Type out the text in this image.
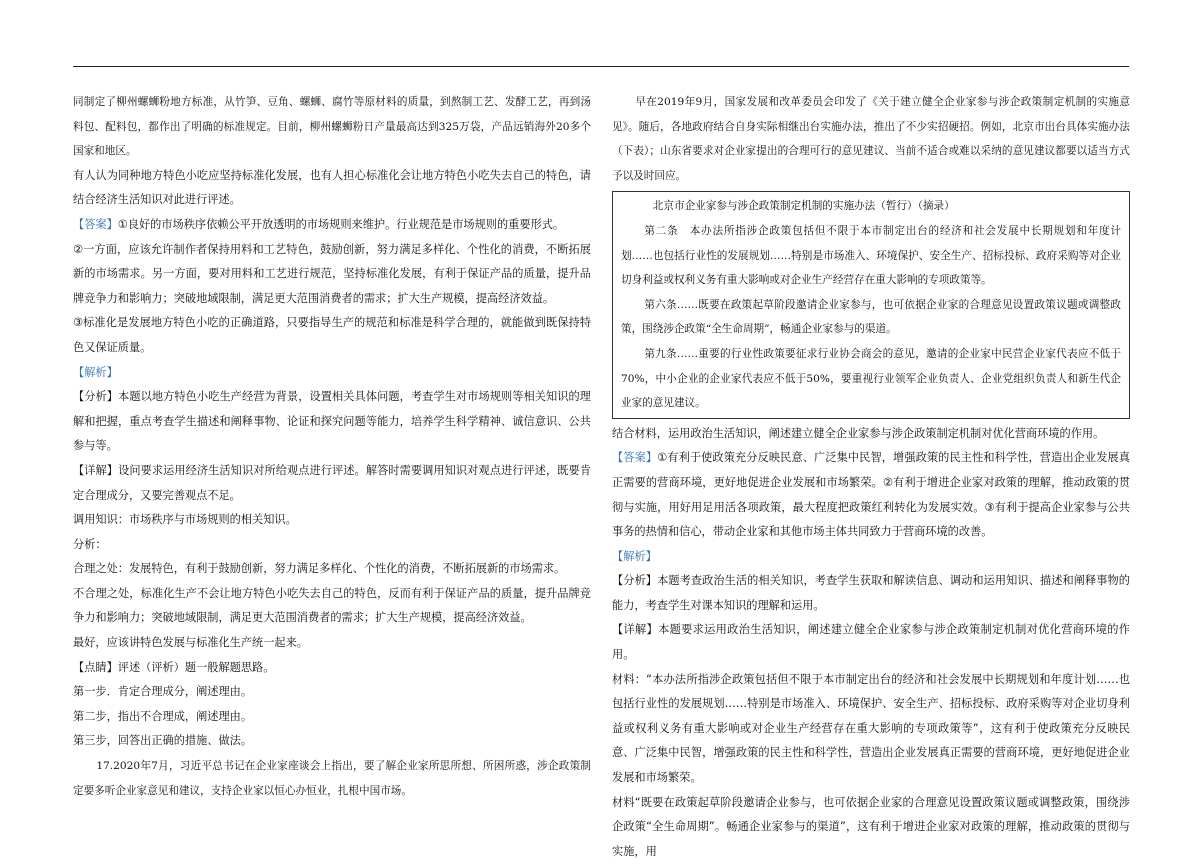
同制定了柳州螺蛳粉地方标准，从竹笋、豆角、螺蛳、腐竹等原材料的质量，到熬制工艺、发酵工艺，再到汤料包、配料包，都作出了明确的标准规定。目前，柳州螺蛳粉日产量最高达到325万袋，产品远销海外20多个国家和地区。

有人认为同种地方特色小吃应坚持标准化发展，也有人担心标准化会让地方特色小吃失去自己的特色，请结合经济生活知识对此进行评述。

【答案】①良好的市场秩序依赖公平开放透明的市场规则来维护。行业规范是市场规则的重要形式。

②一方面，应该允许制作者保持用料和工艺特色，鼓励创新，努力满足多样化、个性化的消费，不断拓展新的市场需求。另一方面，要对用料和工艺进行规范，坚持标准化发展，有利于保证产品的质量，提升品牌竞争力和影响力；突破地域限制，满足更大范围消费者的需求；扩大生产规模，提高经济效益。

③标准化是发展地方特色小吃的正确道路，只要指导生产的规范和标准是科学合理的，就能做到既保持特色又保证质量。

【解析】

【分析】本题以地方特色小吃生产经营为背景，设置相关具体问题，考查学生对市场规则等相关知识的理解和把握，重点考查学生描述和阐释事物、论证和探究问题等能力，培养学生科学精神、诚信意识、公共参与等。

【详解】设问要求运用经济生活知识对所给观点进行评述。解答时需要调用知识对观点进行评述，既要肯定合理成分，又要完善观点不足。

调用知识：市场秩序与市场规则的相关知识。

分析：

合理之处：发展特色，有利于鼓励创新，努力满足多样化、个性化的消费，不断拓展新的市场需求。

不合理之处，标准化生产不会让地方特色小吃失去自己的特色，反而有利于保证产品的质量，提升品牌竞争力和影响力；突破地域限制，满足更大范围消费者的需求；扩大生产规模，提高经济效益。

最好，应该讲特色发展与标准化生产统一起来。

【点睛】评述（评析）题一般解题思路。

第一步．肯定合理成分，阐述理由。

第二步，指出不合理成，阐述理由。

第三步，回答出正确的措施、做法。

17.2020年7月，习近平总书记在企业家座谈会上指出，要了解企业家所思所想、所困所惑，涉企政策制定要多听企业家意见和建议，支持企业家以恒心办恒业，扎根中国市场。

早在2019年9月，国家发展和改革委员会印发了《关于建立健全企业家参与涉企政策制定机制的实施意见》。随后，各地政府结合自身实际相继出台实施办法，推出了不少实招硬招。例如，北京市出台具体实施办法（下表）；山东省要求对企业家提出的合理可行的意见建议、当前不适合或难以采纳的意见建议都要以适当方式予以及时回应。

北京市企业家参与涉企政策制定机制的实施办法（暂行）（摘录）

第二条　本办法所指涉企政策包括但不限于本市制定出台的经济和社会发展中长期规划和年度计划……也包括行业性的发展规划……特别是市场准入、环境保护、安全生产、招标投标、政府采购等对企业切身利益或权利义务有重大影响或对企业生产经营存在重大影响的专项政策等。

第六条……既要在政策起草阶段邀请企业家参与，也可依据企业家的合理意见设置政策议题或调整政策，围绕涉企政策“全生命周期”，畅通企业家参与的渠道。

第九条……重要的行业性政策要征求行业协会商会的意见，邀请的企业家中民营企业家代表应不低于70%，中小企业的企业家代表应不低于50%，要重视行业领军企业负责人、企业党组织负责人和新生代企业家的意见建议。

结合材料，运用政治生活知识，阐述建立健全企业家参与涉企政策制定机制对优化营商环境的作用。

【答案】①有利于使政策充分反映民意、广泛集中民智，增强政策的民主性和科学性，营造出企业发展真正需要的营商环境，更好地促进企业发展和市场繁荣。②有利于增进企业家对政策的理解，推动政策的贯彻与实施，用好用足用活各项政策，最大程度把政策红利转化为发展实效。③有利于提高企业家参与公共事务的热情和信心，带动企业家和其他市场主体共同致力于营商环境的改善。

【解析】

【分析】本题考查政治生活的相关知识，考查学生获取和解读信息、调动和运用知识、描述和阐释事物的能力，考查学生对课本知识的理解和运用。

【详解】本题要求运用政治生活知识，阐述建立健全企业家参与涉企政策制定机制对优化营商环境的作用。

材料：“本办法所指涉企政策包括但不限于本市制定出台的经济和社会发展中长期规划和年度计划……也包括行业性的发展规划……特别是市场准入、环境保护、安全生产、招标投标、政府采购等对企业切身利益或权利义务有重大影响或对企业生产经营存在重大影响的专项政策等”，这有利于使政策充分反映民意、广泛集中民智，增强政策的民主性和科学性，营造出企业发展真正需要的营商环境，更好地促进企业发展和市场繁荣。

材料“既要在政策起草阶段邀请企业参与，也可依据企业家的合理意见设置政策议题或调整政策，围绕涉企政策“全生命周期”。畅通企业家参与的渠道”，这有利于增进企业家对政策的理解，推动政策的贯彻与实施，用
